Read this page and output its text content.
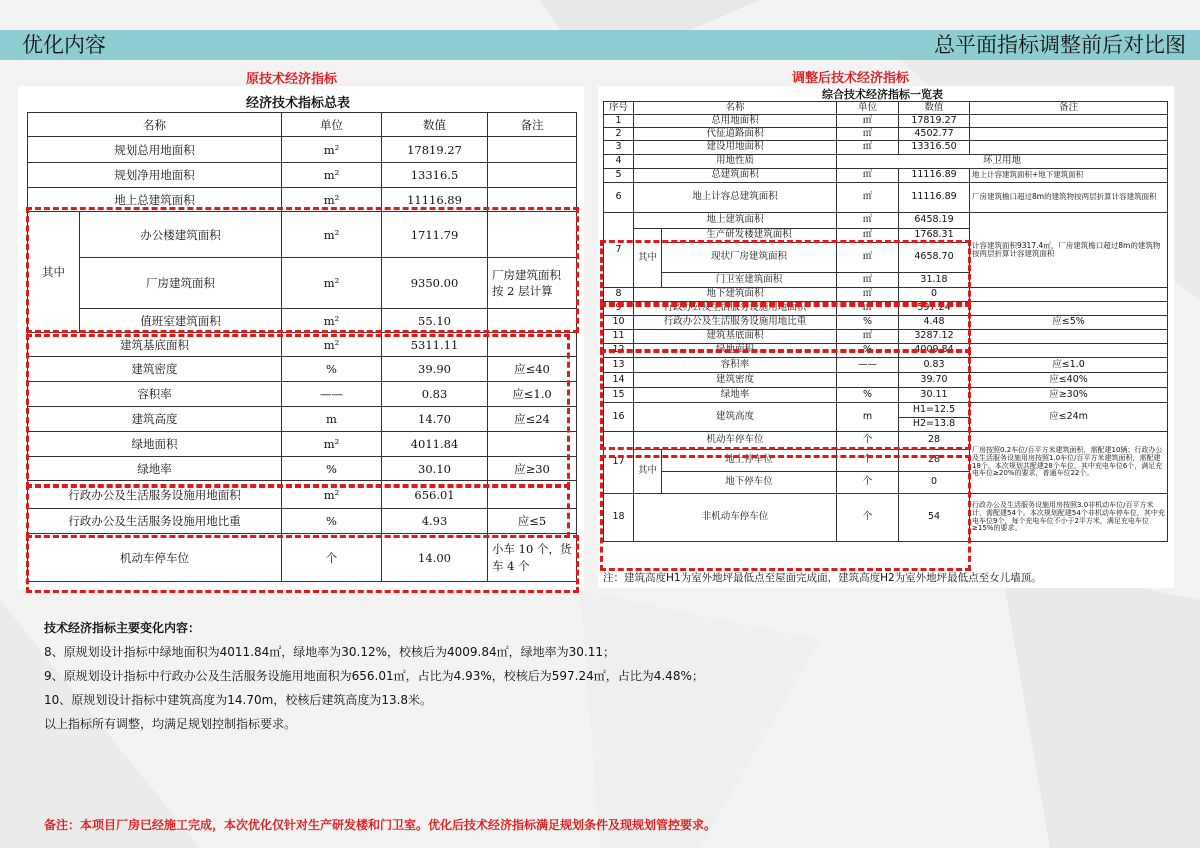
优化内容	总平面指标调整前后对比图
原技术经济指标
经济技术指标总表
名称		单位	数值	备注
规划总用地面积		m²	17819.27	
规划净用地面积		m²	13316.5	
地上总建筑面积		m²	11116.89	
其中	办公楼建筑面积	m²	1711.79	
	厂房建筑面积	m²	9350.00	厂房建筑面积按 2 层计算
	值班室建筑面积	m²	55.10	
建筑基底面积		m²	5311.11	
建筑密度		%	39.90	应≤40
容积率		——	0.83	应≤1.0
建筑高度		m	14.70	应≤24
绿地面积		m²	4011.84	
绿地率		%	30.10	应≥30
行政办公及生活服务设施用地面积		m²	656.01	
行政办公及生活服务设施用地比重		%	4.93	应≤5
机动车停车位		个	14.00	小车 10 个，货车 4 个
调整后技术经济指标
综合技术经济指标一览表
序号	名称		单位	数值	备注
1	总用地面积		㎡	17819.27	
2	代征道路面积		㎡	4502.77	
3	建设用地面积		㎡	13316.50	
4	用地性质		环卫用地		
5	总建筑面积		㎡	11116.89	地上计容建筑面积+地下建筑面积
6	地上计容总建筑面积		㎡	11116.89	厂房建筑檐口超过8m的建筑物按两层折算计容建筑面积
7	地上建筑面积		㎡	6458.19	计容建筑面积9317.4㎡，厂房建筑檐口超过8m的建筑物按两层折算计容建筑面积
	其中	生产研发楼建筑面积	㎡	1768.31	
		现状厂房建筑面积	㎡	4658.70	
		门卫室建筑面积	㎡	31.18	
8	地下建筑面积		㎡	0	
9	行政办公及生活服务设施用地面积		㎡	597.24	
10	行政办公及生活服务设施用地比重		%	4.48	应≤5%
11	建筑基底面积		㎡	3287.12	
12	绿地面积		%	4009.84	
13	容积率		——	0.83	应≤1.0
14	建筑密度			39.70	应≤40%
15	绿地率		%	30.11	应≥30%
16	建筑高度		m	H1=12.5	应≤24m
				H2=13.8	
17	机动车停车位		个	28	厂房按照0.2车位/百平方米建筑面积，需配建10辆；行政办公及生活服务设施用房按照1.0车位/百平方米建筑面积，需配建18个。本次规划共配建28个车位，其中充电车位6个，满足充电车位≥20%的要求，普通车位22个。
	其中	地上停车位	个	28	
		地下停车位	个	0	
18	非机动车停车位		个	54	行政办公及生活服务设施用房按照3.0非机动车位/百平方米计，需配建54个。本次规划配建54个非机动车停车位，其中充电车位9个，每个充电车位不小于2平方米，满足充电车位≥15%的要求。
注：建筑高度H1为室外地坪最低点至屋面完成面，建筑高度H2为室外地坪最低点至女儿墙顶。

技术经济指标主要变化内容：

8、原规划设计指标中绿地面积为4011.84㎡，绿地率为30.12%，校核后为4009.84㎡，绿地率为30.11；

9、原规划设计指标中行政办公及生活服务设施用地面积为656.01㎡，占比为4.93%，校核后为597.24㎡，占比为4.48%；

10、原规划设计指标中建筑高度为14.70m，校核后建筑高度为13.8米。

以上指标所有调整，均满足规划控制指标要求。

备注：本项目厂房已经施工完成，本次优化仅针对生产研发楼和门卫室。优化后技术经济指标满足规划条件及现规划管控要求。
